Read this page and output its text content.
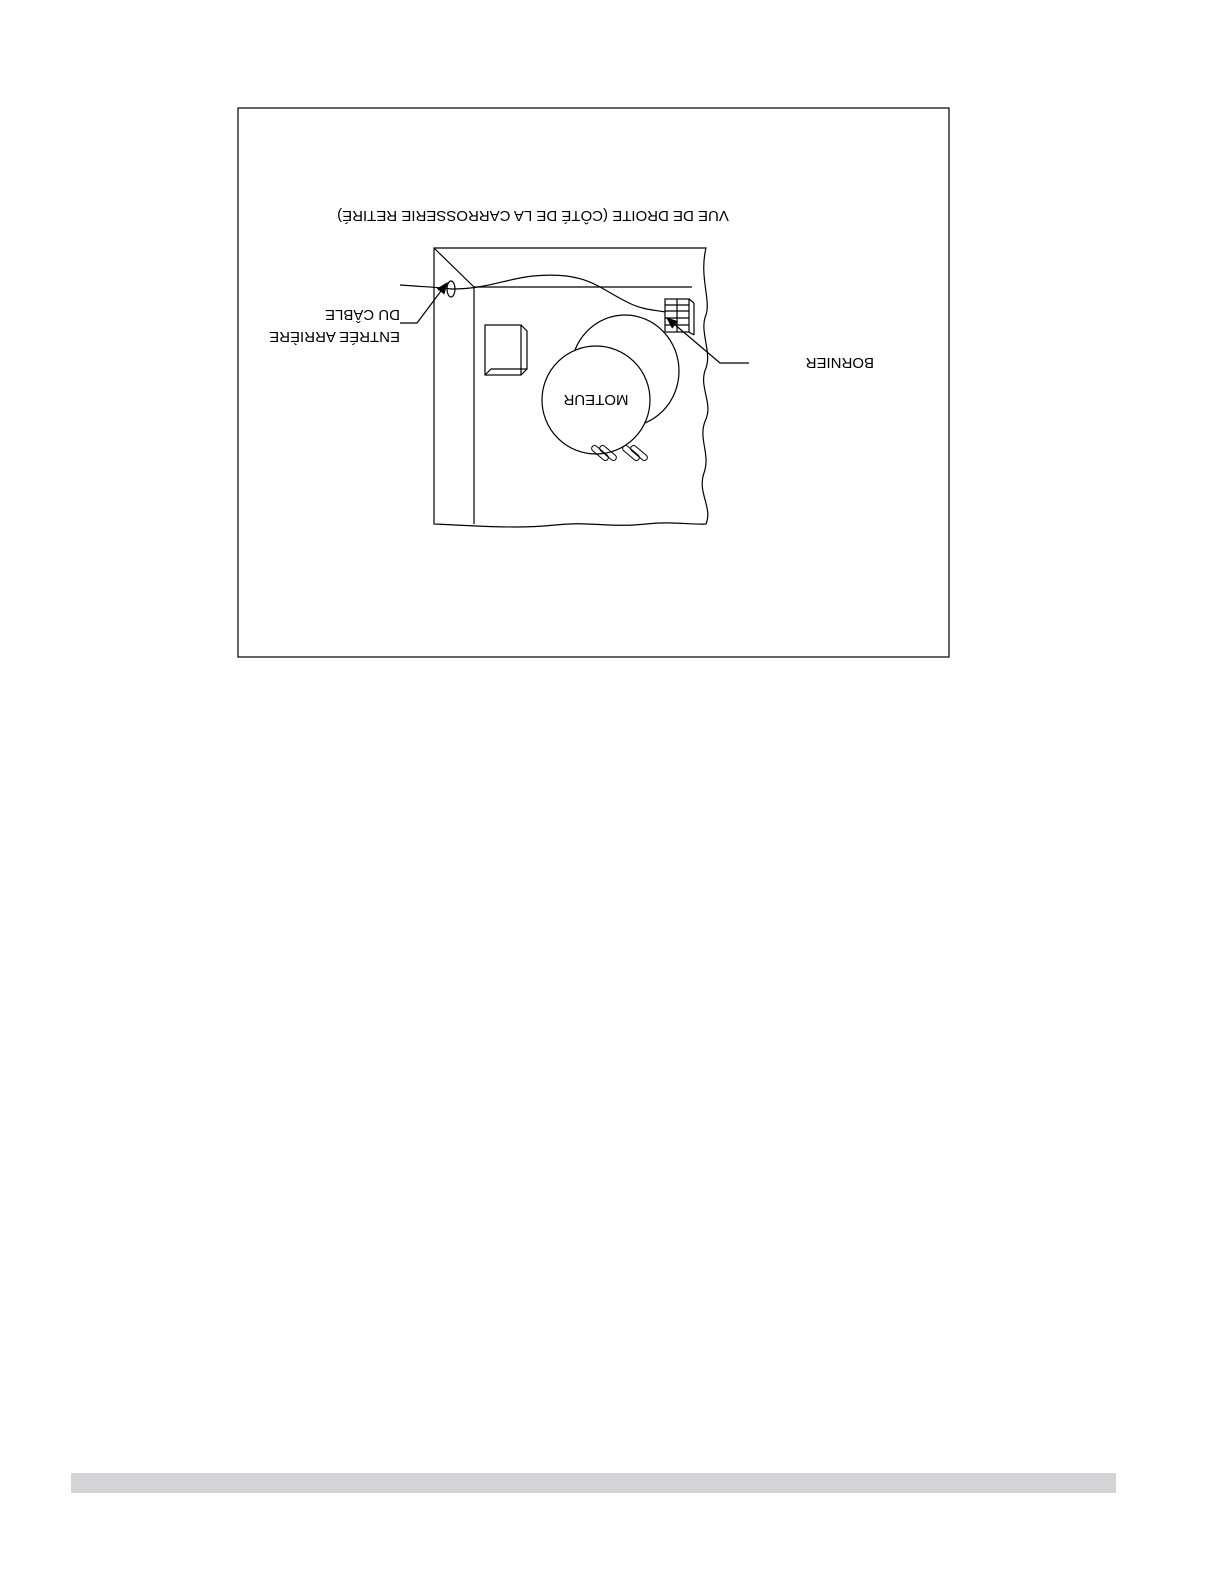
VUE DE DROITE (CÔTÉ DE LA CARROSSERIE RETIRÉ)
MOTEUR
BORNIER
ENTRÉE ARRIÈRE
DU CÂBLE
